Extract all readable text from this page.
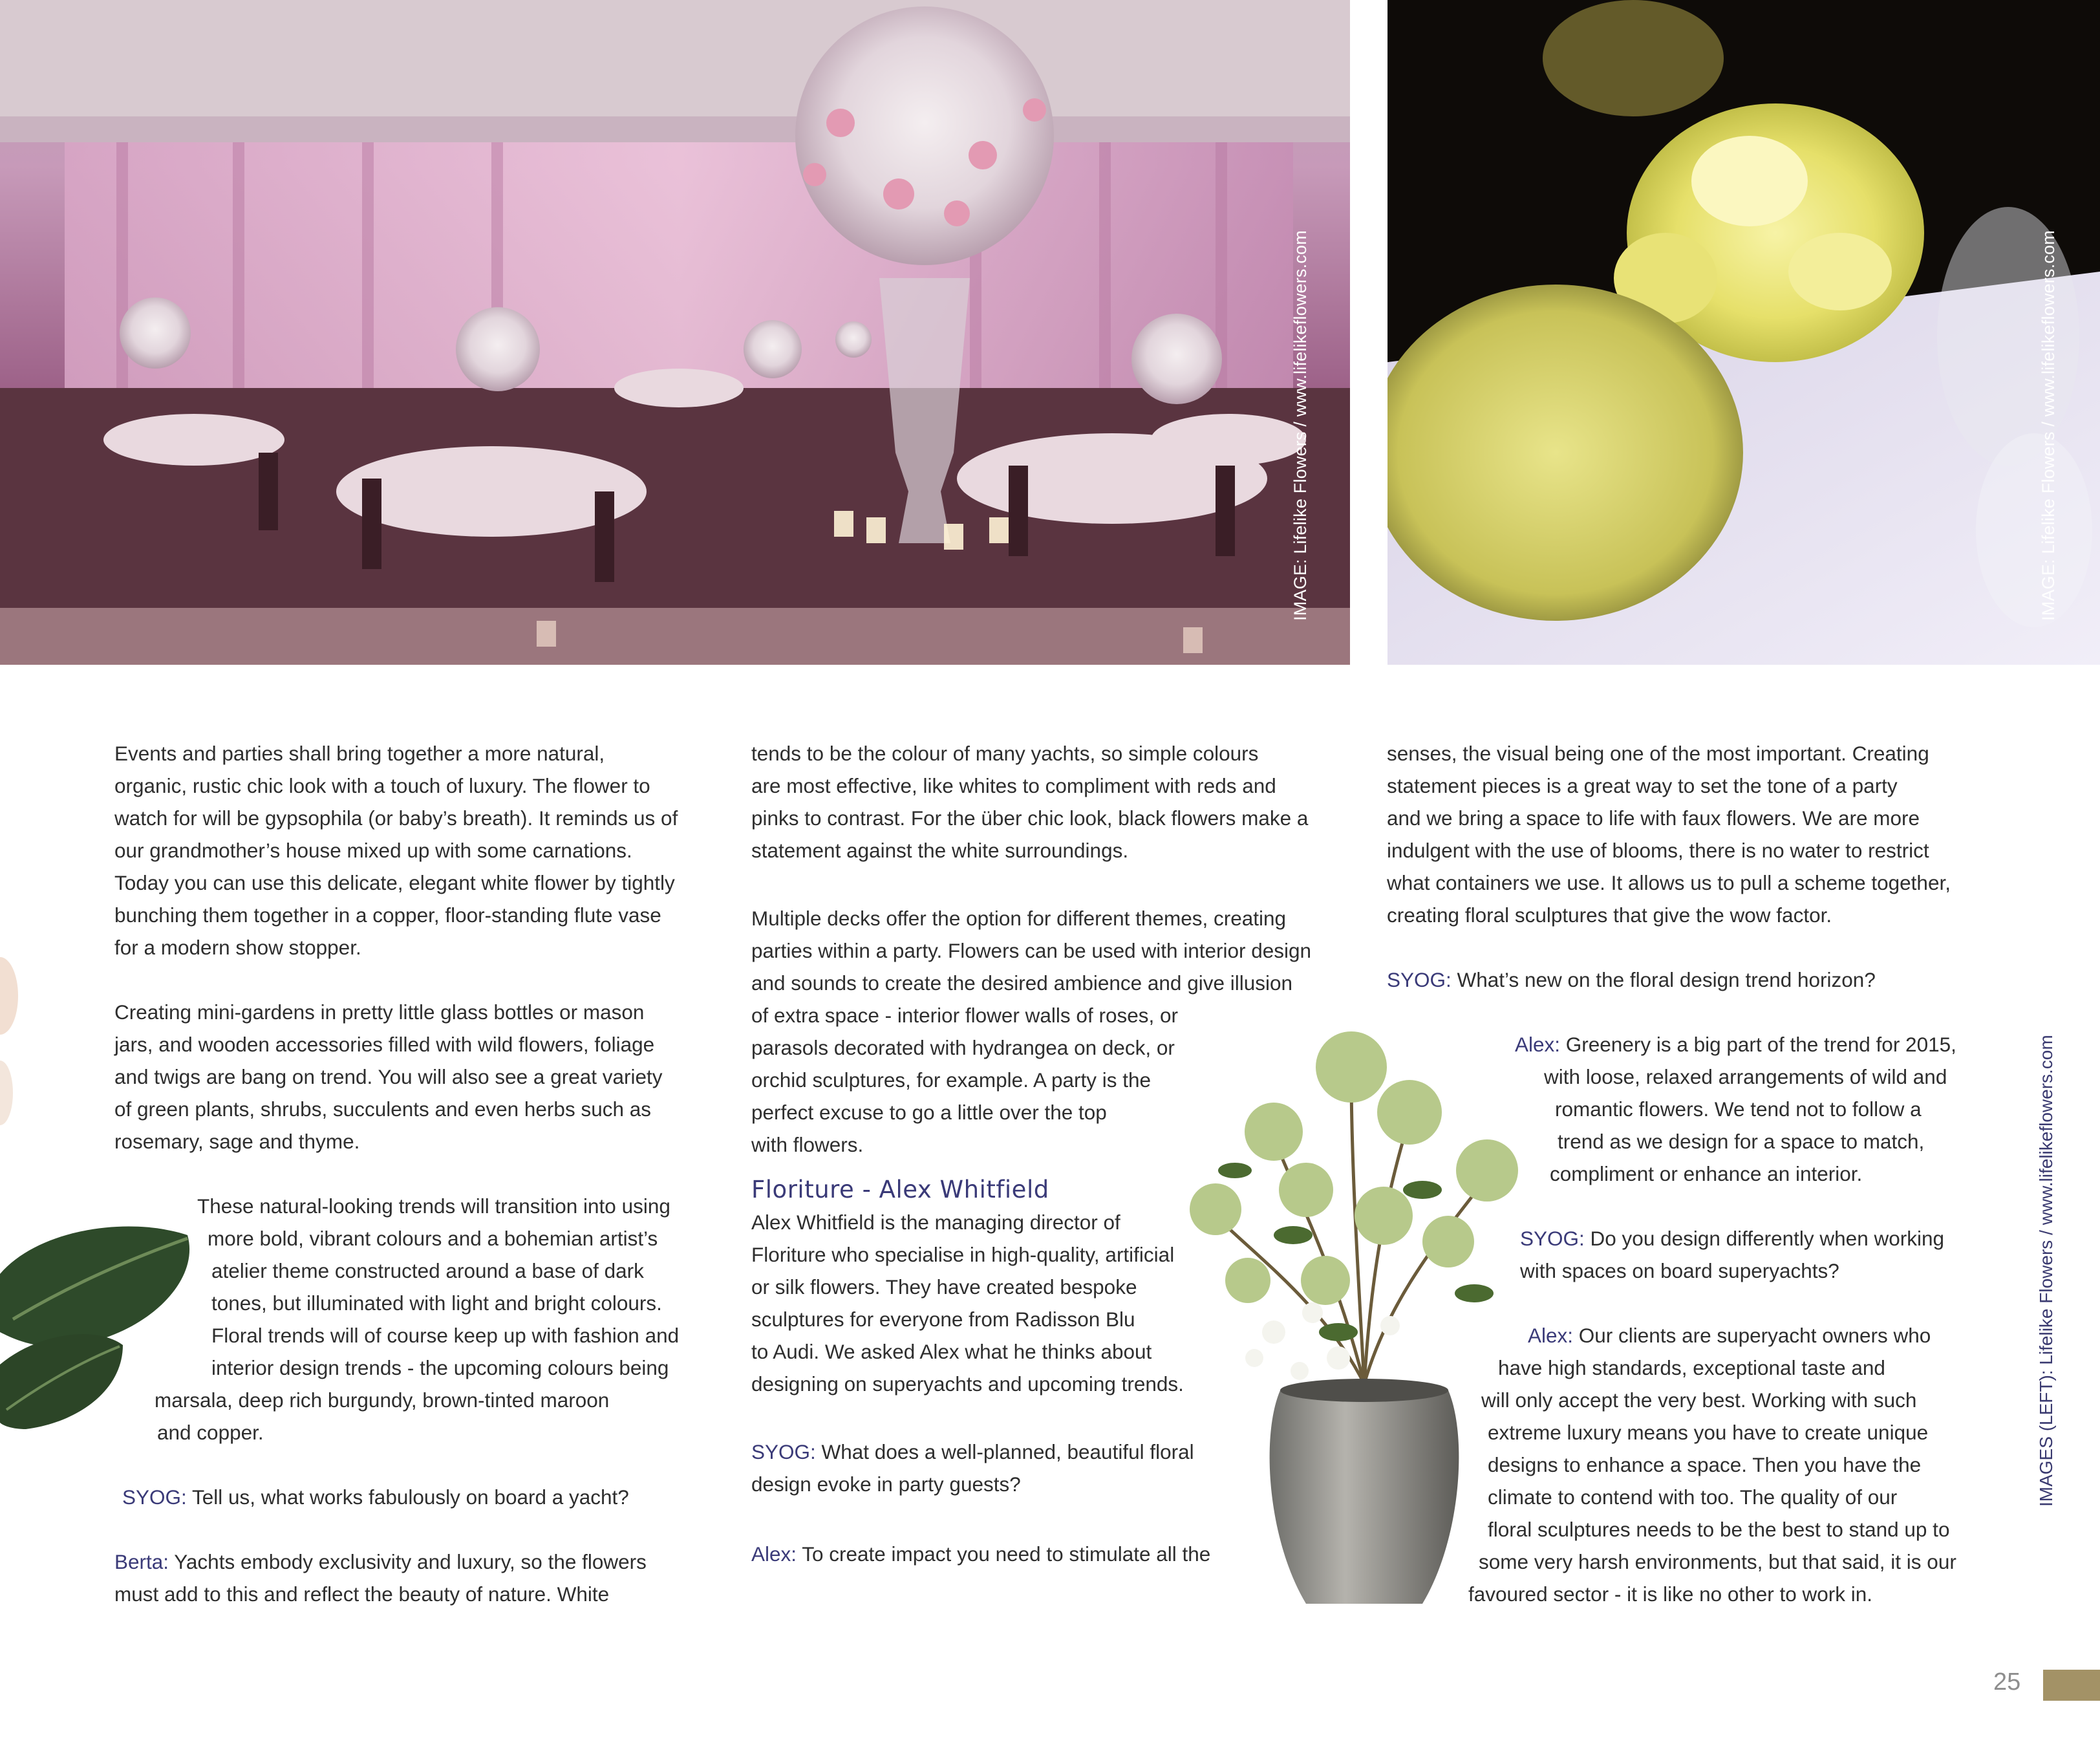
IMAGE: Lifelike Flowers / www.lifelikeflowers.com	IMAGE: Lifelike Flowers / www.lifelikeflowers.com

Events and parties shall bring together a more natural,

organic, rustic chic look with a touch of luxury. The flower to

watch for will be gypsophila (or baby’s breath). It reminds us of

our grandmother’s house mixed up with some carnations.

Today you can use this delicate, elegant white flower by tightly

bunching them together in a copper, floor-standing flute vase

for a modern show stopper.

Creating mini-gardens in pretty little glass bottles or mason

jars, and wooden accessories filled with wild flowers, foliage

and twigs are bang on trend. You will also see a great variety

of green plants, shrubs, succulents and even herbs such as

rosemary, sage and thyme.

These natural-looking trends will transition into using

more bold, vibrant colours and a bohemian artist’s

atelier theme constructed around a base of dark

tones, but illuminated with light and bright colours.

Floral trends will of course keep up with fashion and

interior design trends - the upcoming colours being

marsala, deep rich burgundy, brown-tinted maroon

and copper.

SYOG: Tell us, what works fabulously on board a yacht?

Berta: Yachts embody exclusivity and luxury, so the flowers

must add to this and reflect the beauty of nature. White

tends to be the colour of many yachts, so simple colours

are most effective, like whites to compliment with reds and

pinks to contrast. For the über chic look, black flowers make a

statement against the white surroundings.

Multiple decks offer the option for different themes, creating

parties within a party. Flowers can be used with interior design

and sounds to create the desired ambience and give illusion

of extra space - interior flower walls of roses, or

parasols decorated with hydrangea on deck, or

orchid sculptures, for example. A party is the

perfect excuse to go a little over the top

with flowers.

Floriture - Alex Whitfield

Alex Whitfield is the managing director of

Floriture who specialise in high-quality, artificial

or silk flowers. They have created bespoke

sculptures for everyone from Radisson Blu

to Audi. We asked Alex what he thinks about

designing on superyachts and upcoming trends.

SYOG: What does a well-planned, beautiful floral

design evoke in party guests?

Alex: To create impact you need to stimulate all the

senses, the visual being one of the most important. Creating

statement pieces is a great way to set the tone of a party

and we bring a space to life with faux flowers. We are more

indulgent with the use of blooms, there is no water to restrict

what containers we use. It allows us to pull a scheme together,

creating floral sculptures that give the wow factor.

SYOG: What’s new on the floral design trend horizon?

Alex: Greenery is a big part of the trend for 2015,

with loose, relaxed arrangements of wild and

romantic flowers. We tend not to follow a

trend as we design for a space to match,

compliment or enhance an interior.

SYOG: Do you design differently when working

with spaces on board superyachts?

Alex: Our clients are superyacht owners who

have high standards, exceptional taste and

will only accept the very best. Working with such

extreme luxury means you have to create unique

designs to enhance a space. Then you have the

climate to contend with too. The quality of our

floral sculptures needs to be the best to stand up to

some very harsh environments, but that said, it is our

favoured sector - it is like no other to work in.

IMAGES (LEFT): Lifelike Flowers / www.lifelikeflowers.com
25
